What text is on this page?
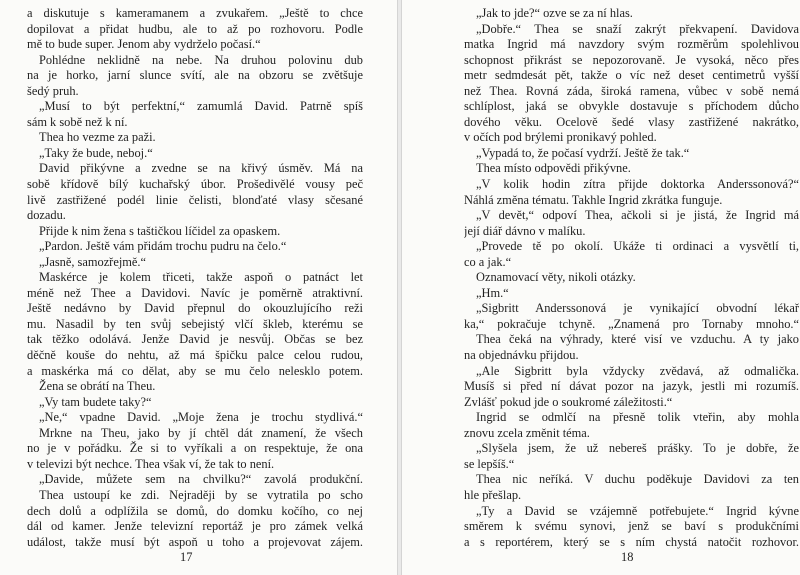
a diskutuje s kameramanem a zvukařem. „Ještě to chce
dopilovat a přidat hudbu, ale to až po rozhovoru. Podle
mě to bude super. Jenom aby vydrželo počasí.“
Pohlédne neklidně na nebe. Na druhou polovinu dub
na je horko, jarní slunce svítí, ale na obzoru se zvětšuje
šedý pruh.
„Musí to být perfektní,“ zamumlá David. Patrně spíš
sám k sobě než k ní.
Thea ho vezme za paži.
„Taky že bude, neboj.“
David přikývne a zvedne se na křivý úsměv. Má na
sobě křídově bílý kuchařský úbor. Prošedivělé vousy peč
livě zastřižené podél linie čelisti, blonďaté vlasy sčesané
dozadu.
Přijde k nim žena s taštičkou líčidel za opaskem.
„Pardon. Ještě vám přidám trochu pudru na čelo.“
„Jasně, samozřejmě.“
Maskérce je kolem třiceti, takže aspoň o patnáct let
méně než Thee a Davidovi. Navíc je poměrně atraktivní.
Ještě nedávno by David přepnul do okouzlujícího reži
mu. Nasadil by ten svůj sebejistý vlčí škleb, kterému se
tak těžko odolává. Jenže David je nesvůj. Občas se bez
děčně kouše do nehtu, až má špičku palce celou rudou,
a maskérka má co dělat, aby se mu čelo nelesklo potem.
Žena se obrátí na Theu.
„Vy tam budete taky?“
„Ne,“ vpadne David. „Moje žena je trochu stydlivá.“
Mrkne na Theu, jako by jí chtěl dát znamení, že všech
no je v pořádku. Že si to vyříkali a on respektuje, že ona
v televizi být nechce. Thea však ví, že tak to není.
„Davide, můžete sem na chvilku?“ zavolá produkční.
Thea ustoupí ke zdi. Nejraději by se vytratila po scho
dech dolů a odplížila se domů, do domku kočího, co nej
dál od kamer. Jenže televizní reportáž je pro zámek velká
událost, takže musí být aspoň u toho a projevovat zájem.
17
„Jak to jde?“ ozve se za ní hlas.
„Dobře.“ Thea se snaží zakrýt překvapení. Davidova
matka Ingrid má navzdory svým rozměrům spolehlivou
schopnost přikrást se nepozorovaně. Je vysoká, něco přes
metr sedmdesát pět, takže o víc než deset centimetrů vyšší
než Thea. Rovná záda, široká ramena, vůbec v sobě nemá
schlíplost, jaká se obvykle dostavuje s příchodem důcho
dového věku. Ocelově šedé vlasy zastřižené nakrátko,
v očích pod brýlemi pronikavý pohled.
„Vypadá to, že počasí vydrží. Ještě že tak.“
Thea místo odpovědi přikývne.
„V kolik hodin zítra přijde doktorka Anderssonová?“
Náhlá změna tématu. Takhle Ingrid zkrátka funguje.
„V devět,“ odpoví Thea, ačkoli si je jistá, že Ingrid má
její diář dávno v malíku.
„Provede tě po okolí. Ukáže ti ordinaci a vysvětlí ti,
co a jak.“
Oznamovací věty, nikoli otázky.
„Hm.“
„Sigbritt Anderssonová je vynikající obvodní lékař
ka,“ pokračuje tchyně. „Znamená pro Tornaby mnoho.“
Thea čeká na výhrady, které visí ve vzduchu. A ty jako
na objednávku přijdou.
„Ale Sigbritt byla vždycky zvědavá, až odmalička.
Musíš si před ní dávat pozor na jazyk, jestli mi rozumíš.
Zvlášť pokud jde o soukromé záležitosti.“
Ingrid se odmlčí na přesně tolik vteřin, aby mohla
znovu zcela změnit téma.
„Slyšela jsem, že už nebereš prášky. To je dobře, že
se lepšíš.“
Thea nic neříká. V duchu poděkuje Davidovi za ten
hle přešlap.
„Ty a David se vzájemně potřebujete.“ Ingrid kývne
směrem k svému synovi, jenž se baví s produkčními
a s reportérem, který se s ním chystá natočit rozhovor.
18
